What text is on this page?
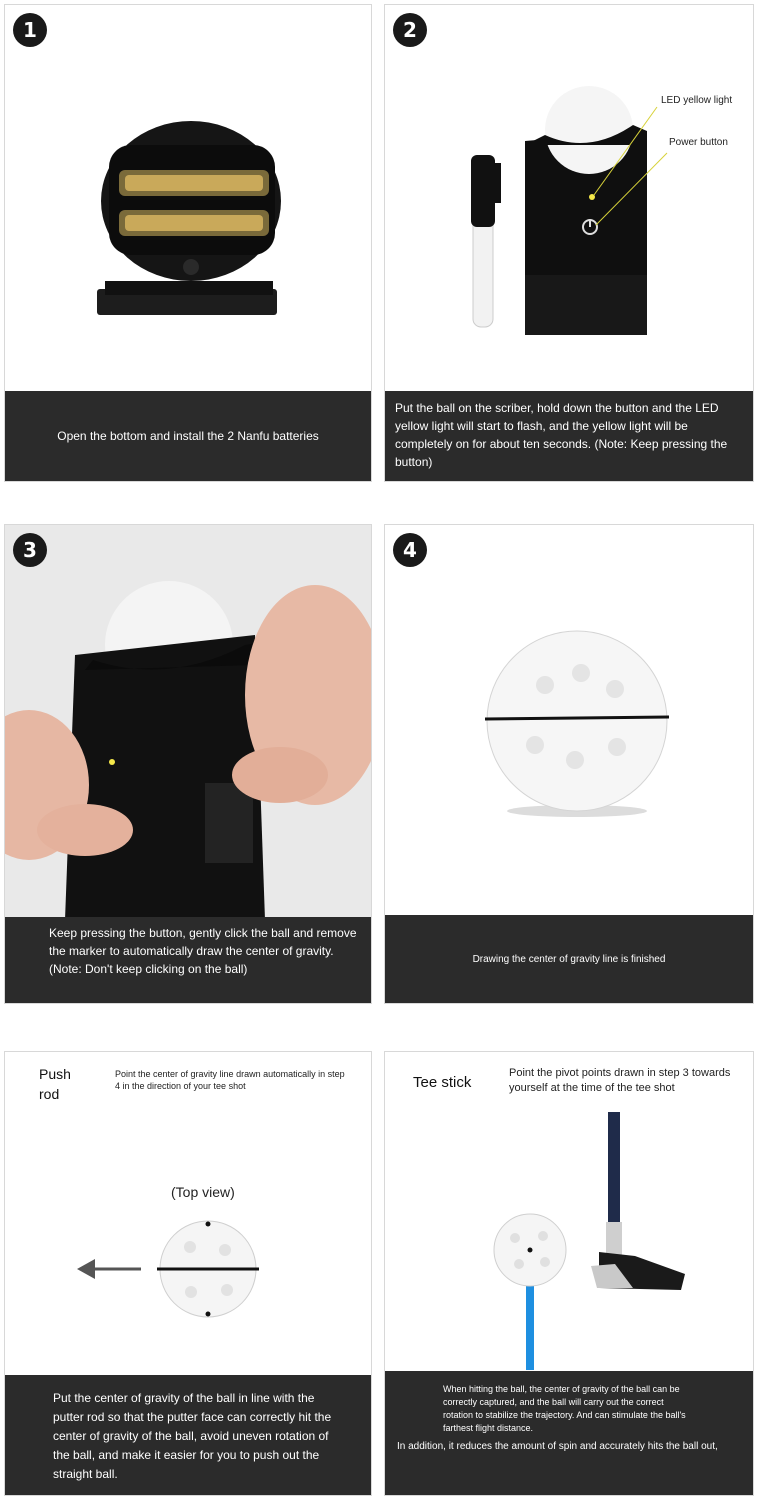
1
Open the bottom and install the 2 Nanfu batteries
2
LED yellow light
Power button
Put the ball on the scriber, hold down the button and the LED yellow light will start to flash, and the yellow light will be completely on for about ten seconds. (Note: Keep pressing the button)
3
Keep pressing the button, gently click the ball and remove the marker to automatically draw the center of gravity. (Note: Don't keep clicking on the ball)
4
Drawing the center of gravity line is finished
Push rod
Point the center of gravity line drawn automatically in step 4 in the direction of your tee shot
(Top view)
Put the center of gravity of the ball in line with the putter rod so that the putter face can correctly hit the center of gravity of the ball, avoid uneven rotation of the ball, and make it easier for you to push out the straight ball.
Tee stick
Point the pivot points drawn in step 3 towards yourself at the time of the tee shot
When hitting the ball, the center of gravity of the ball can be correctly captured, and the ball will carry out the correct rotation to stabilize the trajectory. And can stimulate the ball's farthest flight distance.
In addition, it reduces the amount of spin and accurately hits the ball out,
